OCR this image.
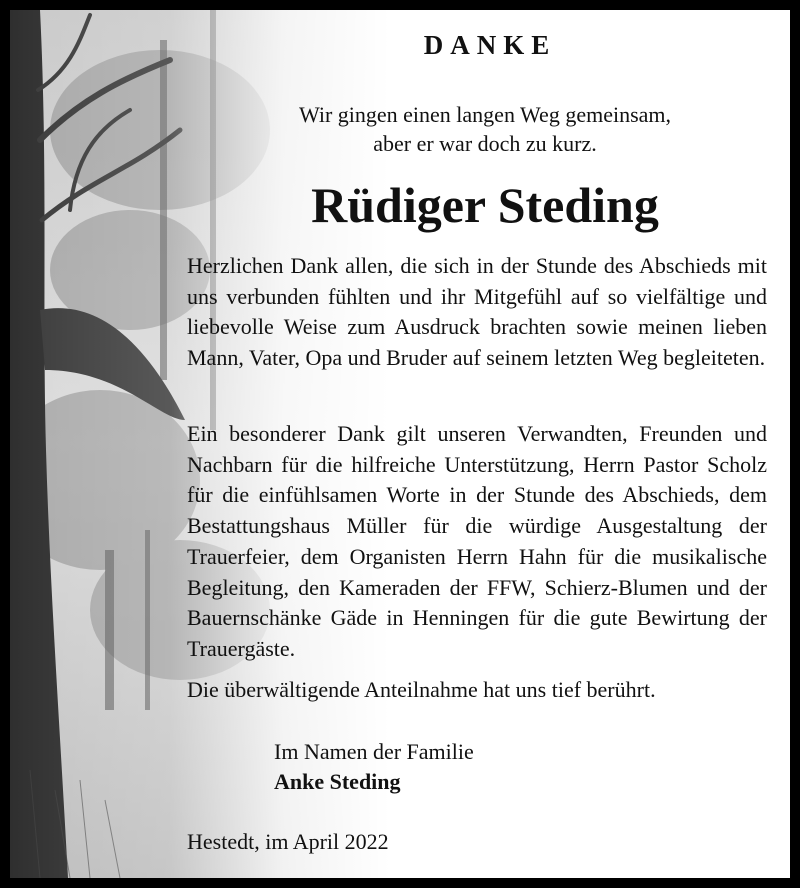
DANKE
Wir gingen einen langen Weg gemeinsam,
aber er war doch zu kurz.
Rüdiger Steding

Herzlichen Dank allen, die sich in der Stunde des Abschieds mit uns verbunden fühlten und ihr Mitgefühl auf so vielfältige und liebevolle Weise zum Ausdruck brachten sowie meinen lieben Mann, Vater, Opa und Bruder auf seinem letzten Weg begleiteten.

Ein besonderer Dank gilt unseren Verwandten, Freunden und Nachbarn für die hilfreiche Unterstützung, Herrn Pastor Scholz für die einfühlsamen Worte in der Stunde des Abschieds, dem Bestattungshaus Müller für die würdige Ausgestaltung der Trauerfeier, dem Organisten Herrn Hahn für die musikalische Begleitung, den Kameraden der FFW, Schierz-Blumen und der Bauernschänke Gäde in Henningen für die gute Bewirtung der Trauergäste.

Die überwältigende Anteilnahme hat uns tief berührt.

Im Namen der Familie
Anke Steding
Hestedt, im April 2022
